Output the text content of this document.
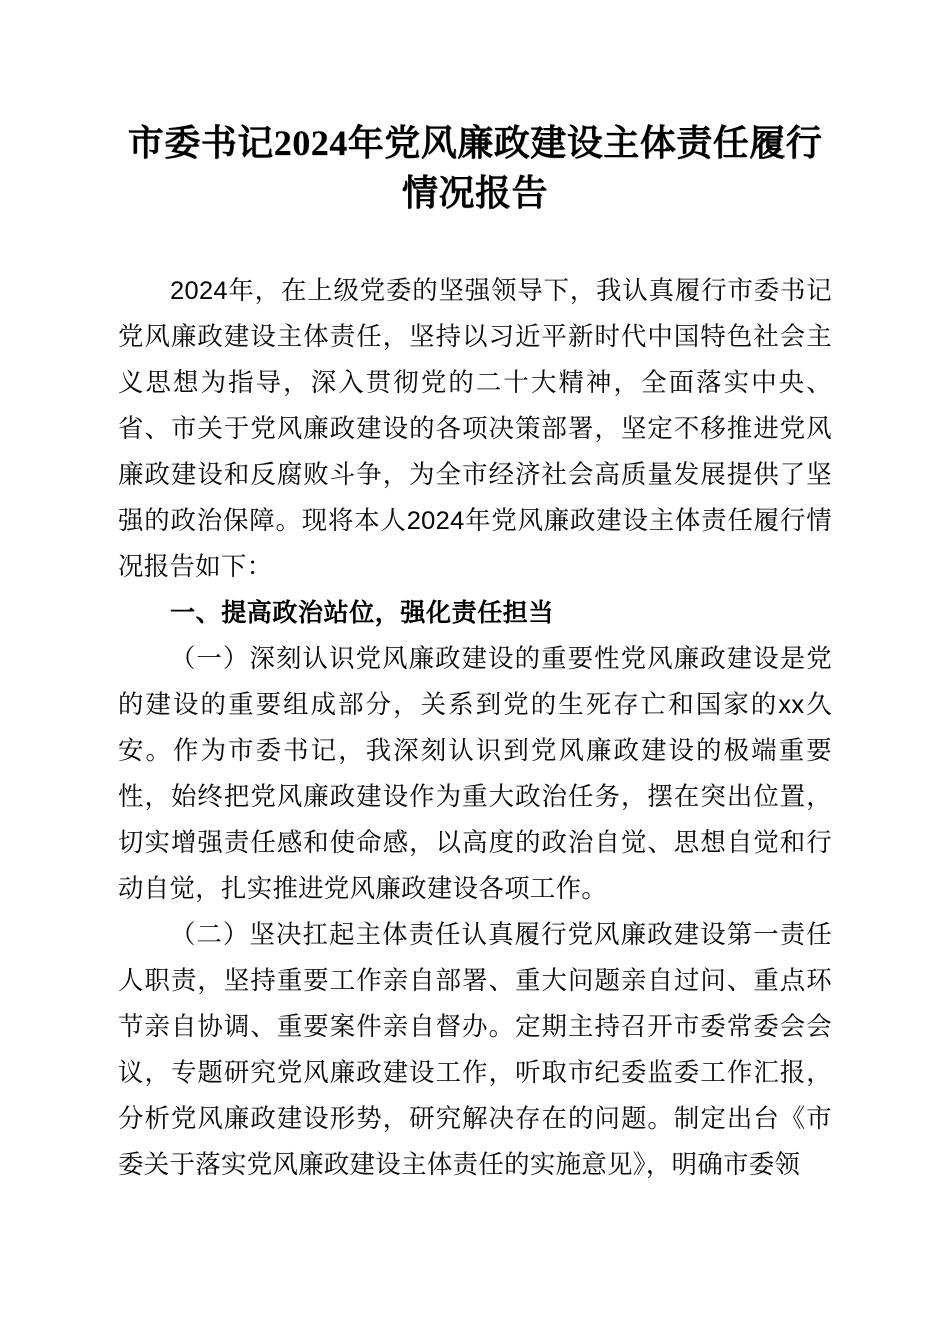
市委书记2024年党风廉政建设主体责任履行情况报告

2024年，在上级党委的坚强领导下，我认真履行市委书记党风廉政建设主体责任，坚持以习近平新时代中国特色社会主义思想为指导，深入贯彻党的二十大精神，全面落实中央、省、市关于党风廉政建设的各项决策部署，坚定不移推进党风廉政建设和反腐败斗争，为全市经济社会高质量发展提供了坚强的政治保障。现将本人2024年党风廉政建设主体责任履行情况报告如下：

一、提高政治站位，强化责任担当

（一）深刻认识党风廉政建设的重要性党风廉政建设是党的建设的重要组成部分，关系到党的生死存亡和国家的xx久安。作为市委书记，我深刻认识到党风廉政建设的极端重要性，始终把党风廉政建设作为重大政治任务，摆在突出位置，切实增强责任感和使命感，以高度的政治自觉、思想自觉和行动自觉，扎实推进党风廉政建设各项工作。

（二）坚决扛起主体责任认真履行党风廉政建设第一责任人职责，坚持重要工作亲自部署、重大问题亲自过问、重点环节亲自协调、重要案件亲自督办。定期主持召开市委常委会会议，专题研究党风廉政建设工作，听取市纪委监委工作汇报，分析党风廉政建设形势，研究解决存在的问题。制定出台《市委关于落实党风廉政建设主体责任的实施意见》，明确市委领
